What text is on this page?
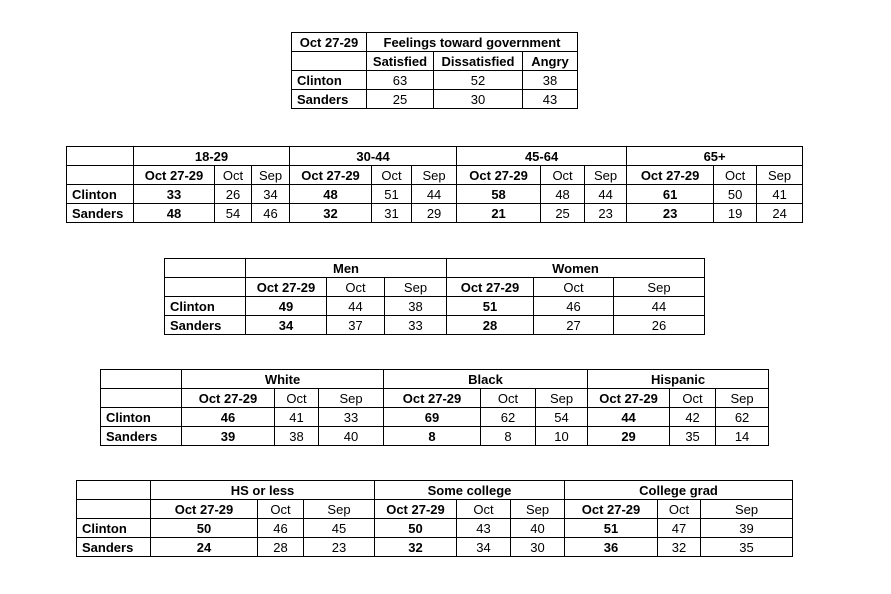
Oct 27-29	Feelings toward government		
	Satisfied	Dissatisfied	Angry
Clinton	63	52	38
Sanders	25	30	43
	18-29			30-44			45-64			65+		
	Oct 27-29	Oct	Sep	Oct 27-29	Oct	Sep	Oct 27-29	Oct	Sep	Oct 27-29	Oct	Sep
Clinton	33	26	34	48	51	44	58	48	44	61	50	41
Sanders	48	54	46	32	31	29	21	25	23	23	19	24
	Men			Women		
	Oct 27-29	Oct	Sep	Oct 27-29	Oct	Sep
Clinton	49	44	38	51	46	44
Sanders	34	37	33	28	27	26
	White			Black			Hispanic		
	Oct 27-29	Oct	Sep	Oct 27-29	Oct	Sep	Oct 27-29	Oct	Sep
Clinton	46	41	33	69	62	54	44	42	62
Sanders	39	38	40	8	8	10	29	35	14
	HS or less			Some college			College grad		
	Oct 27-29	Oct	Sep	Oct 27-29	Oct	Sep	Oct 27-29	Oct	Sep
Clinton	50	46	45	50	43	40	51	47	39
Sanders	24	28	23	32	34	30	36	32	35
